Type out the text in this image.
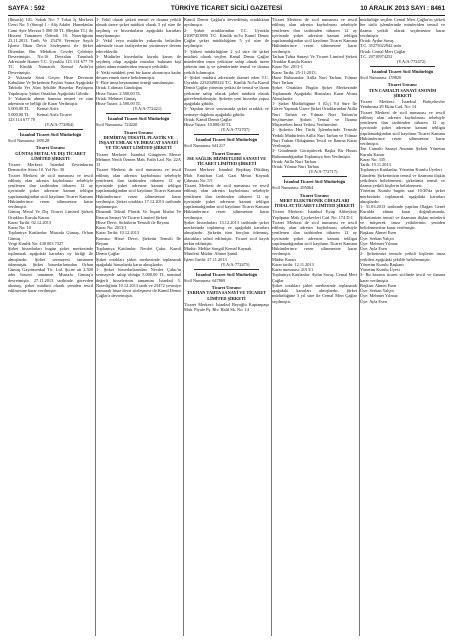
SAYFA : 592	TÜRKİYE TİCARET SİCİLİ GAZETESİ	10 ARALIK 2013 SAYI : 8461
(İhtsaslı) 101. Sokak No: 7 Tokat İş Merkezi Üzeri No: 5 (Sinop) 1 - Aliş Adalet  Hanedanlar Cami Ayte Mevzat 5 000 00 TL (Beşbin TL) ile Hisseni Tamamen Ödendi, 10. Noterliğinin 23.11.2013 Tarih Ve 25470 Yevmiye Sayılı İşlemi İlkan Devir Sözleşmesi ile Şirket Disendan Bin Mehdion Cevdet Çelebiye  Devretmiştir. No:16 Devralan Tanrıbalı  Adresinde İkamet T.C. Uyruklu 123 114 677 70 TC Kimlik Numaralı Kemal Arifa'ya Devretmiştir.
2- Yukarıda Sözü Geçen Hisse Devrinin Kabulüne Ve Şirketimiz Payları Sonra Aşağıdaki Tabloda Yer Alan Şekilde Hissedar Paylaşımı Yapılmıştır. Şirket Ortakları Aşağıdaki Gibidir:
3- Yukarıda ahmet kanunu nesnel ve tüm adresinin ve belliği ile Karar Verilmiştir.
5.000,00 TL       Kemal Arifa
5.000,00 TL       Kemal Arifa Ticaret
123 114 677 70
(Y.A/A-772864)
İstanbul Ticaret Sicil Müdürlüğü
Sicil Numarası: 189128
Ticaret Unvanı:
GÜNTAŞ METAL VE DIŞ TİCARET LİMİTED ŞİRKETİ
Ticaret Merkezi: İstanbul Zeytinburnu Demirciler Sitesi 10. Yol No: 30
Ticaret Merkezi de sicil numarası ve tescil edilmiş olan adresin kaybolması sebebiyle yenilenen ilan tarihinden itibaren 12 ay içerisinde şirket adresine kanuni tebligat yapılamadığından sicil kaydının Ticaret Kanunu Hükümlerince resen silinmesine karar verilmiştir.
Güntaş Metal Ve Dış Ticaret Limited Şirketi Ortakları Kurulu Kararı
Karar Tarihi: 02.12.2013
Karar No: 10
Toplantıya Katılanlar: Mustafa Güntaş, Orhan Güntaş
Vergi Kimlik No: 438 003 7327
Şirket hissedarları bugün şirket merkezinde toplanarak aşağıdaki kararları oy birliği ile almışlardır. Şirket sermayesi tamamen ödenmiştir. Şirket hissedarlarından Orhan Güntaş Gayrimenkul Tic. Ltd. Şti.ne ait 2.500 adet hisseyi tamamen Mustafa Güntaş'a devretmiştir. 27.11.2013 tarihinde görevden alınmış, şirket müdürü olarak yeniden tescil edilmesine karar verilmiştir.
1- Vekil olarak şirketi temsil ve ilzama yetkili olmak üzere şirket müdürü olarak 5 yıl süre ile seçilmiş ve hissedarların aşağıdaki kararları onaylanmıştır.
2- Vekil veya müdürler yukarıda belirtilen adresinde ticari faaliyetlerini yürütmeye devam edeceklerdir.
3- Müdürler hissedarlar kurulu kararı ile seçilmiş olup aşağıda imzaları bulunan kişi şirket adına münferiden imzaya yetkilidir.
4- Yetki müddeti yeni bir karar alınıncaya kadar devam etmek üzere belirlenmiştir.
5- Ekte imza beyanname örneği sunulmuştur.
Ortak: Lokman Gündoğan
Hisse Tutarı: 2.500,00 TL
Ortak: Mehmet Güntaş
Hisse Tutarı: 2.500,00 TL
(Y.A/A-772421)
İstanbul Ticaret Sicil Müdürlüğü
Sicil Numarası: 724220
Ticaret Unvanı:
DEMİRTAŞ TEKSTİL PLASTİK VE İNŞAAT EMLAK VE İHRACAT SANAYİ VE TİCARET LİMİTED ŞİRKETİ
Ticaret Merkezi: İstanbul Güngören Merter Mehmet Nesih Özmen Mah. Fatih Lad. No: 22A 13
Ticaret Merkezi de sicil numarası ve tescil edilmiş olan adresin kaybolması sebebiyle yenilenen ilan tarihinden itibaren 12 ay içerisinde şirket adresine kanuni tebligat yapılamadığından sicil kaydının Ticaret Kanunu Hükümlerince resen silinmesine karar verilmiştir. Şirket ortakları 17.12.2013 tarihinde toplanmıştır.
Dinamik Tekstil Plastik Ve İnşaat İthalat Ve İhracat Sanayi Ve Ticaret Limited Şirketi
Hisse Devri, Sirkülerin Temsili ile Beyanı
Karar No: 2013/1
Karar Tarihi: 10.12.2013
Konusu: Hisse Devri, Şirketin Temsili İle Beyanı
Toplantıya Katılanlar: Necdet Çakır, Kamil Demir Çağlar
Şirket ortakları şirket merkezinde toplanarak aşağıdaki hususlarda karar almışlardır:
1- Şirket hissedarlarından Necdet Çakır'ın sermayede sahip olduğu 5.000,00 TL nominal değerli hisselerinin tamamını İstanbul 5. Noterliğinin 10.12.2013 tarih ve 25472 yevmiye numaralı hisse devri sözleşmesi ile Kamil Demir Çağlar'a devretmiştir.
Kamil Demir Çağlar'a devredilmiş ortaklıktan ayrılmıştır.
2- Şirket ortaklarından T.C. Uyruklu 21087453890 T.C. Kimlik no'lu Kamil Demir Çağlar şirket müdürlüğüne 5 yıl süre ile seçilmiştir.
3- Şirketi müdürlüğüne 2 yıl süre ile şirket müdürü olarak seçilen Kamil Demir Çağlar münferiden imza yetkisine sahip olmak üzere şirketin tüm iş ve işlemlerinde temsil ve ilzama yetkili kılınmıştır.
4- Şirket müdürü adresinde ikamet eden T.C. Uyruklu 22320490324 T.C. Kimlik No'lu Kamil Demir Çağlar yönetim yetkisi ile temsil ve ilzam yetkisine sahip olarak şirket müdürü olarak görevlendirilmiştir. Şirketin yeni hissedar yapısı aşağıdaki gibidir.
5- Yapılan devir sonrasında şirket ortaklık ve sermaye dağılımı aşağıdaki gibidir.
Ortak: Kamil Demir Çağlar
Hisse Tutarı: 10.000,00 TL
(Y.A/A-772707)
İstanbul Ticaret Sicil Müdürlüğü
Sicil Numarası: 641217
Ticaret Unvanı:
JSE SAĞLIK HİZMETLERİ SANAYİ VE TİCARET LİMİTED ŞİRKETİ
Ticaret Merkezi: İstanbul Beşiktaş Dikilitaş Mah. Emirhan Cad. Gazi Mesut Kaynak Çıkmazı No: 5/1
Ticaret Merkezi de sicil numarası ve tescil edilmiş olan adresin kaybolması sebebiyle yenilenen ilan tarihinden itibaren 12 ay içerisinde şirket adresine kanuni tebligat yapılamadığından sicil kaydının Ticaret Kanunu Hükümlerince resen silinmesine karar verilmiştir.
Şirket hissedarları 13.12.2013 tarihinde şirket merkezinde toplanmış ve aşağıdaki kararları almışlardır. Şirketin tüm borçları ödenmiş, alacakları tahsil edilmiştir. Ticaret sicil kaydı terkin edilmiştir.
Müdür: Melike Sarıgül Kemal Kaynak
Münferit Müdür: Ahmet Şamil
İşlem Tarihi: 27.11.2013
(Y.A/A-772475)
İstanbul Ticaret Sicil Müdürlüğü
Sicil Numarası: 647869
Ticaret Unvanı:
TARHAN TAHTA SANAYİ VE TİCARET LİMİTED ŞİRKETİ
Ticaret Merkezi: İstanbul Beyoğlu Kaptanpaşa Mah. Piyale Pş. Blv. Halil Sk. No: 14
Ticaret Merkezi de sicil numarası ve tescil edilmiş olan adresin kaybolması sebebiyle yenilenen ilan tarihinden itibaren 12 ay içerisinde şirket adresine kanuni tebligat yapılamadığından sicil kaydının Ticaret Kanunu Hükümlerince resen silinmesine karar verilmiştir.
Tarhan Tahta Sanayi Ve Ticaret Limited Şirketi Ortaklar Kurulu Kararı
Karar No: 2013-1
Karar Tarihi: 25-11-2013
Hazır Bulunanlar: Atilla Nuri Tarhan, Yılmaz Nuri Tarhan
Şirket Ortakları Bugün Şirket Merkezinde Toplanarak Aşağıdaki Hususları Karar Altına Almışlardır:
1- Şirket Müdürlüğüne 3 (Üç) Yıl Süre İle Görev Yapmak Üzere Şirket Ortaklarından Atilla Nuri Tarhan ve Yılmaz Nuri Tarhan'ın Seçilmesine. Şirketi Temsil ve İlzama Müştereken İmza Yetkisi Verilmesine.
2- Şirketin Her Türlü İşlemlerinde Temsile Yetkili Müdürlerin Atilla Nuri Tarhan ve Yılmaz Nuri Tarhan Olduğunun Tescil ve İlanına Karar Verilmiştir.
3- Gündemde Görüşülecek Başka Bir Husus Bulunmadığından Toplantıya Son Verilmiştir.
Ortak: Atilla Nuri Tarhan
Ortak: Yılmaz Nuri Tarhan
(Y.A/A-772717)
İstanbul Ticaret Sicil Müdürlüğü
Sicil Numarası: 295064
Ticaret Unvanı:
MERT ELEKTRONİK CİHAZLARI İTHALAT TİCARET LİMİTED ŞİRKETİ
Ticaret Merkezi: İstanbul Eyüp Alibeyköy Yeşilpınar Mah. Çiçekevleri Cad. No: 174 D:1
Ticaret Merkezi de sicil numarası ve tescil edilmiş olan adresin kaybolması sebebiyle yenilenen ilan tarihinden itibaren 12 ay içerisinde şirket adresine kanuni tebligat yapılamadığından sicil kaydının Ticaret Kanunu Hükümlerince resen silinmesine karar verilmiştir.
Müdür Kararı
Karar tarihi: 12.11.2013
Karar numarası: 2013/1
Toplantıya Katılanlar: Aydın Savaş, Cemal Mert Çağlar
Şirket ortakları şirket merkezinde toplanarak aşağıdaki kararları almışlardır. Şirket müdürlüğüne 3 yıl süre ile Cemal Mert Çağlar seçilmiştir.
müdürlüğe seçilen Cemal Mert Çağlar'ın şirketi her türlü işlemlerinde münferiden temsil ve ilzama yetkili olarak seçilmesine karar verilmiştir.
Ortak: Aydın Savaş
T.C. 35275022942 nolu
Ortak: Cemal Mert Çağlar
T.C. 29710974252
(Y.A/A-772472)
İstanbul Ticaret Sicil Müdürlüğü
Sicil Numarası: 159820
Ticaret Unvanı:
TEN CAMALTI SANAYİ ANONİM ŞİRKETİ
Ticaret Merkezi: İstanbul Bahçelievler Yenibosna 29 Ekim Cad. No: 14
Ticaret Merkezi de sicil numarası ve tescil edilmiş olan adresin kaybolması sebebiyle yenilenen ilan tarihinden itibaren 12 ay içerisinde şirket adresine kanuni tebligat yapılamadığından sicil kaydının Ticaret Kanunu Hükümlerince resen silinmesine karar verilmiştir.
Ten Camaltı Sanayi Anonim Şirketi Yönetim Kurulu Kararı
Karar No: 335
Tarih: 19.11.2013
Toplantıya Katılanlar: Yönetim Kurulu Üyeleri
Gündem: Şirketimizin temsil ve ilzamına ilişkin yetkilerin belirlenmesi; şirketimiz temsil ve ilzama yetkili kişilerin belirlenmesi.
Yönetim Kurulu bugün saat 10:30'da şirket merkezinde toplanarak aşağıdaki kararları almışlardır.
1- 31.03.2013 tarihinde yapılan Olağan Genel Kurulda alınan karar doğrultusunda, Şirketimizin temsil ve ilzamına ilişkin münferit ve müşterek imza yetkilerinin yeniden belirlenmesine karar verilmiştir.
Başkan: Ahmet Esen
Üye: Serkan Yalçın
Üye: Mehmet Yılmaz
Üye: Ayla Esen
2- Şirketimizi temsile yetkili kişilerin imza yetkileri aşağıdaki şekilde belirlenmiştir.
Yönetim Kurulu Başkanı
Yönetim Kurulu Üyesi
3- Bu kararın ticaret sicilinde tescil ve ilanına karar verilmiştir.
Başkan: Ahmet Esen
Üye: Serkan Yalçın
Üye: Mehmet Yılmaz
Üye: Ayla Esen
